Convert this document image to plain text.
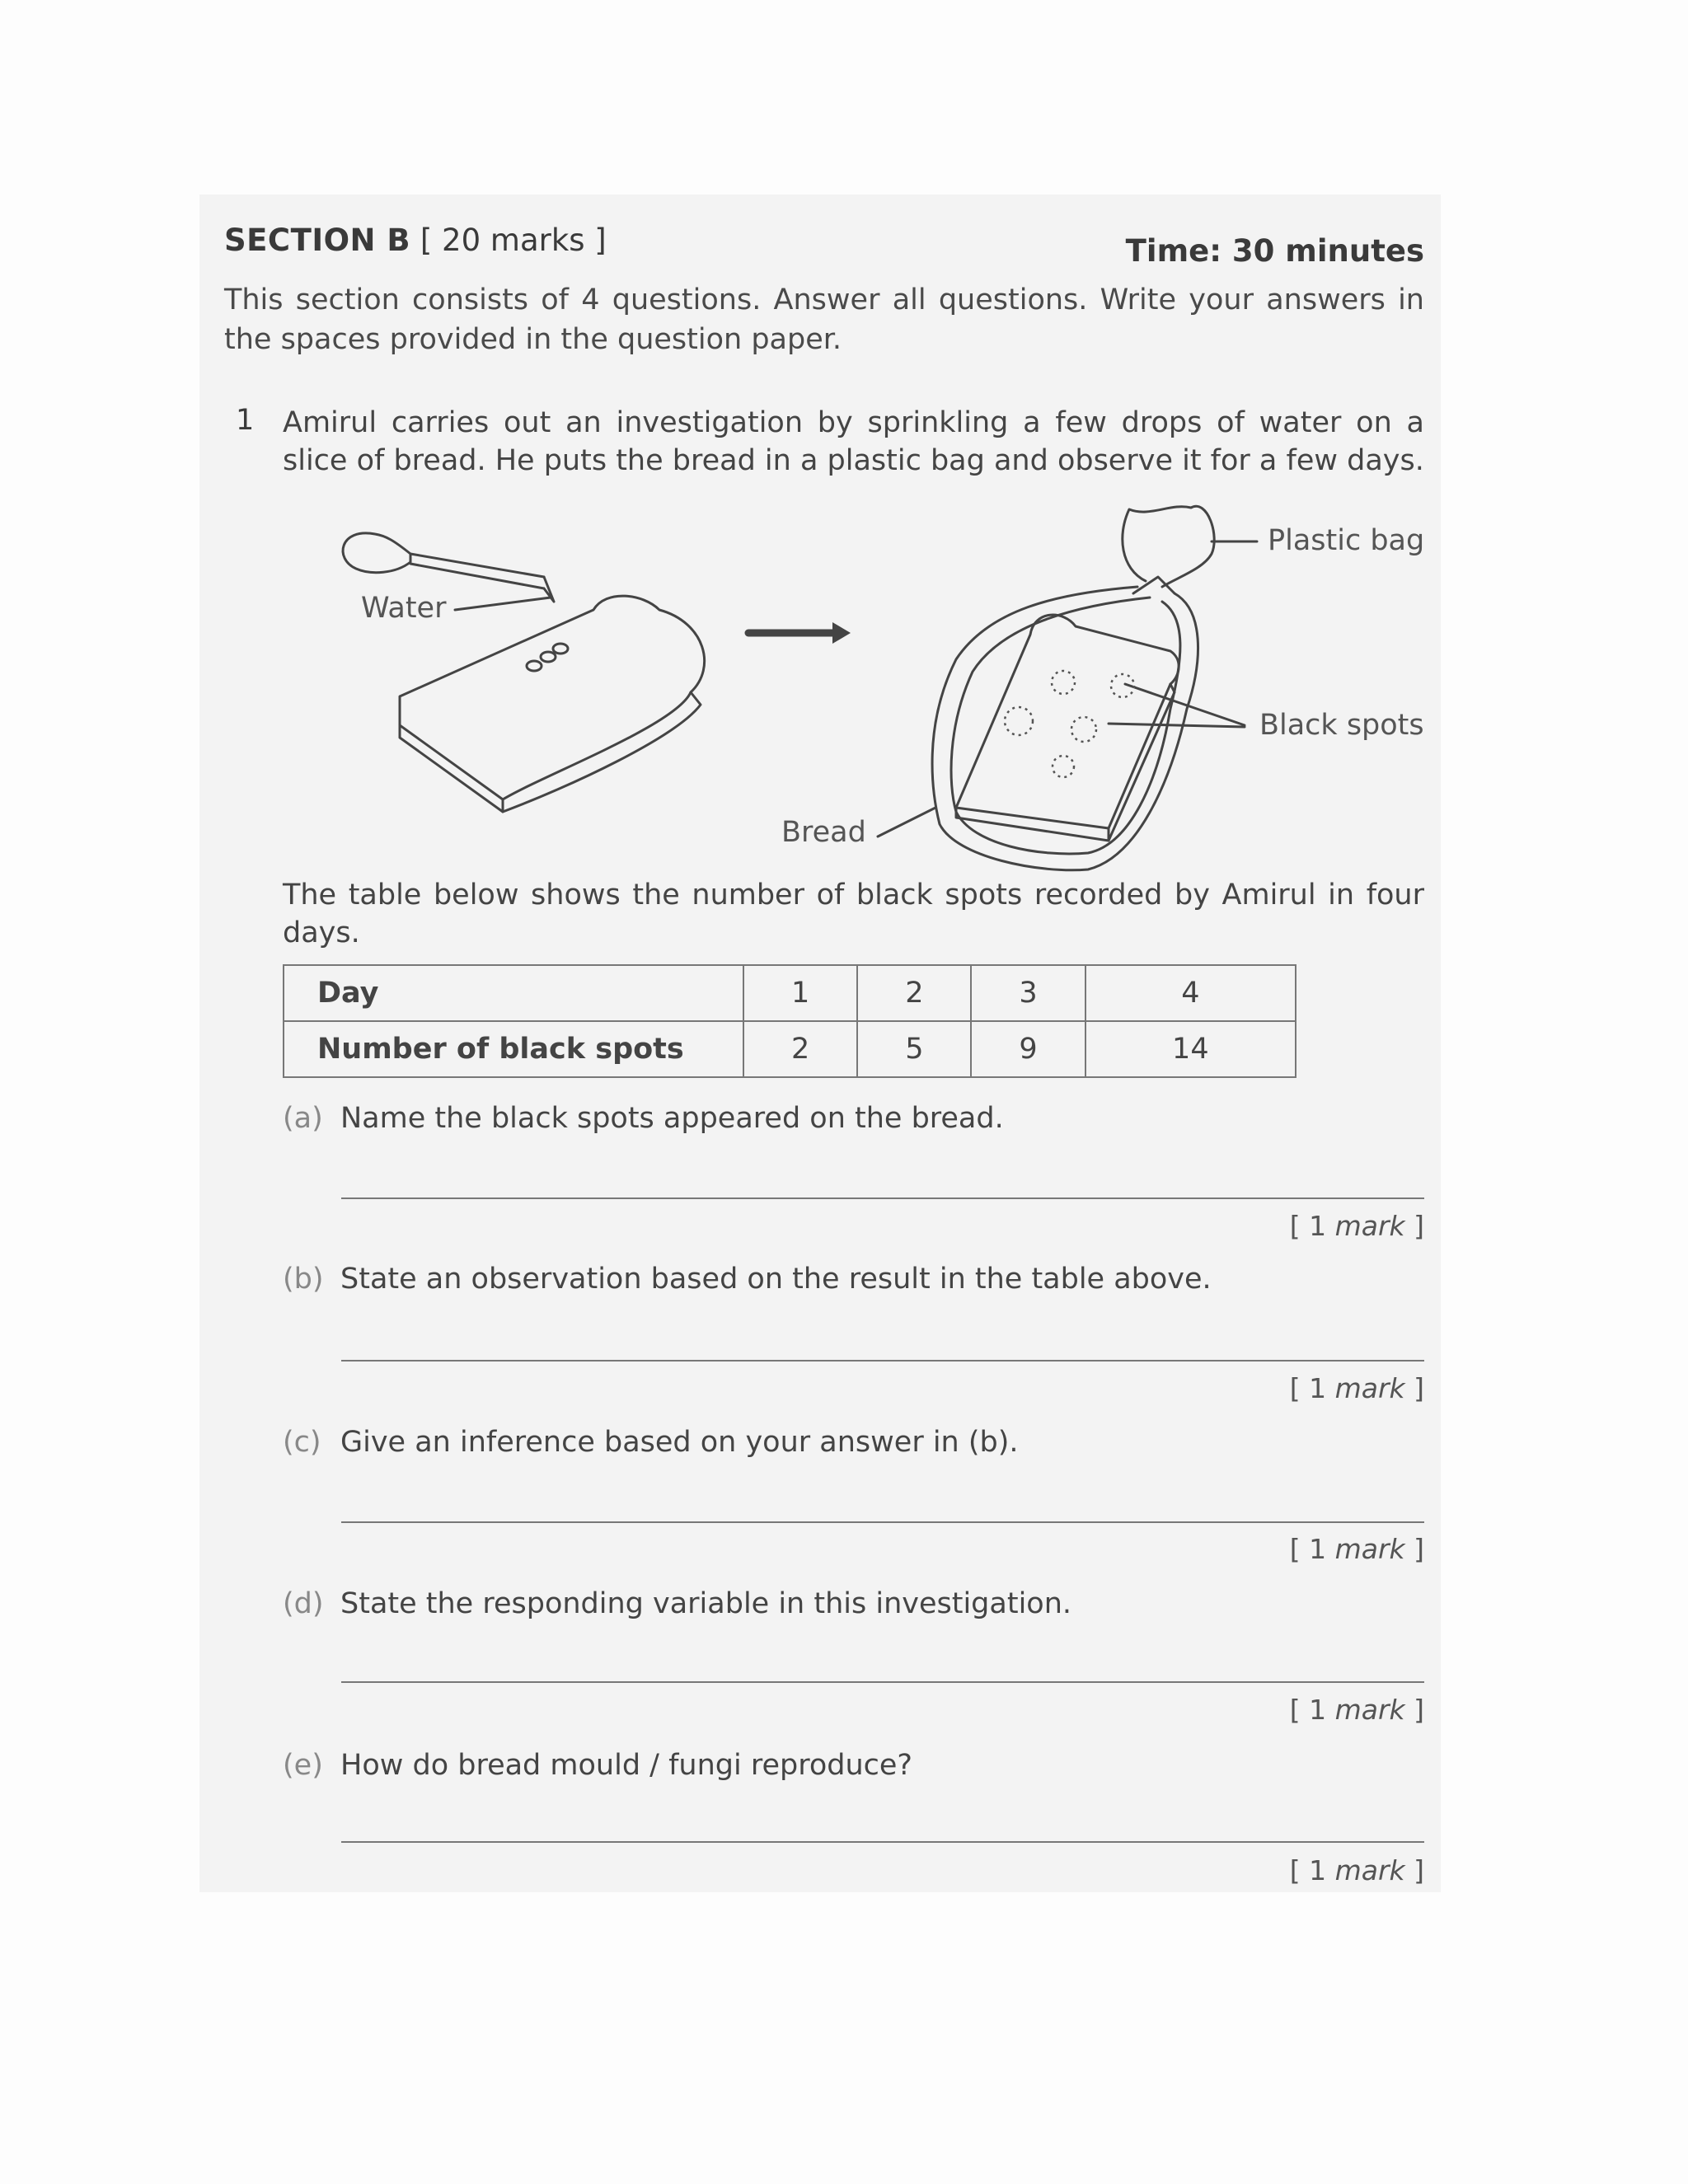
SECTION B [ 20 marks ]	Time: 30 minutes
This section consists of 4 questions. Answer all questions. Write your answers in the spaces provided in the question paper.
1 Amirul carries out an investigation by sprinkling a few drops of water on a slice of bread. He puts the bread in a plastic bag and observe it for a few days.
Water
Plastic bag
Black spots
Bread
The table below shows the number of black spots recorded by Amirul in four days.
Day	1	2	3	4
Number of black spots	2	5	9	14
(a) Name the black spots appeared on the bread.
[ 1 mark ]
(b) State an observation based on the result in the table above.
[ 1 mark ]
(c) Give an inference based on your answer in (b).
[ 1 mark ]
(d) State the responding variable in this investigation.
[ 1 mark ]
(e) How do bread mould / fungi reproduce?
[ 1 mark ]
